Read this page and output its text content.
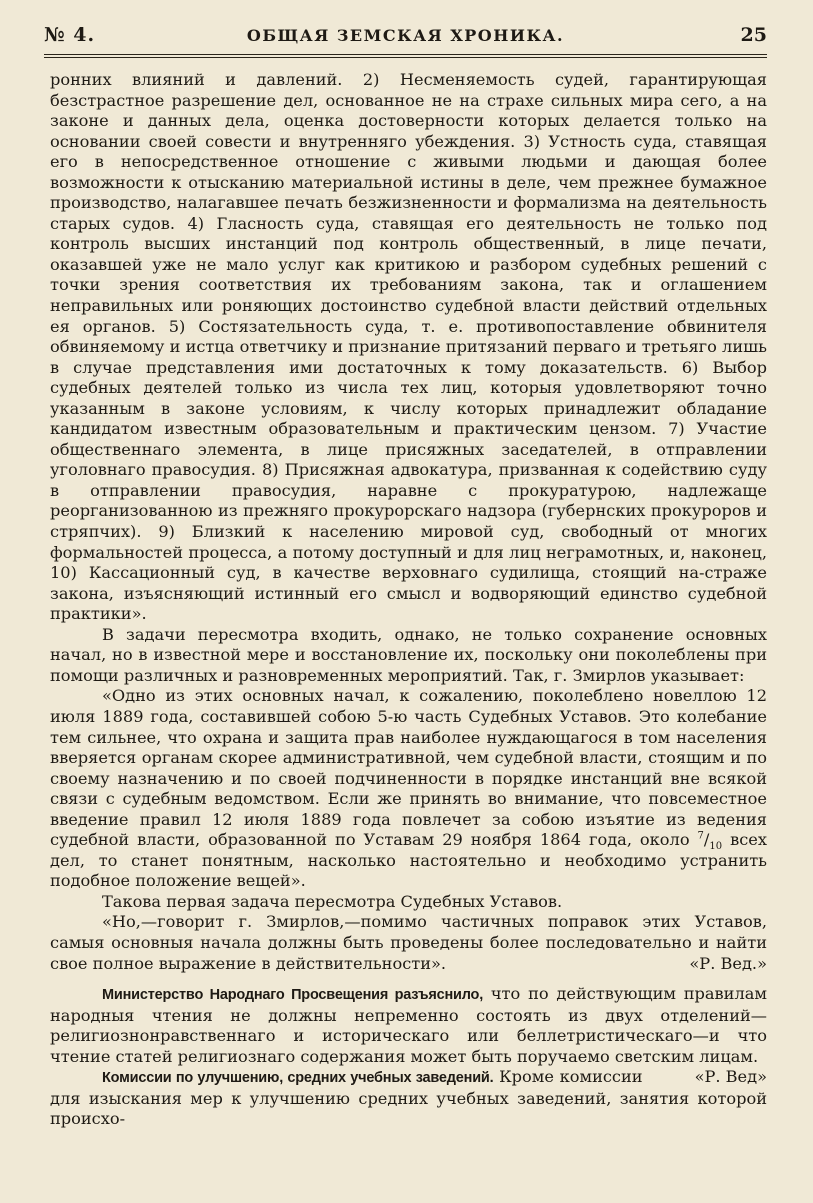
№ 4.	ОБЩАЯ ЗЕМСКАЯ ХРОНИКА.	25

ронних влияний и давлений. 2) Несменяемость судей, гарантирующая безстрастное разрешение дел, основанное не на страхе сильных мира сего, а на законе и данных дела, оценка достоверности которых делается только на основании своей совести и внутренняго убеждения. 3) Устность суда, ставящая его в непосредственное отношение с живыми людьми и дающая более возможности к отысканию материальной истины в деле, чем прежнее бумажное производство, налагавшее печать безжизненности и формализма на деятельность старых судов. 4) Гласность суда, ставящая его деятельность не только под контроль высших инстанций под контроль общественный, в лице печати, оказавшей уже не мало услуг как критикою и разбором судебных решений с точки зрения соответствия их требованиям закона, так и оглашением неправильных или роняющих достоинство судебной власти действий отдельных ея органов. 5) Состязательность суда, т. е. противопоставление обвинителя обвиняемому и истца ответчику и признание притязаний перваго и третьяго лишь в случае представления ими достаточных к тому доказательств. 6) Выбор судебных деятелей только из числа тех лиц, которыя удовлетворяют точно указанным в законе условиям, к числу которых принадлежит обладание кандидатом известным образовательным и практическим цензом. 7) Участие общественнаго элемента, в лице присяжных заседателей, в отправлении уголовнаго правосудия. 8) Присяжная адвокатура, призванная к содействию суду в отправлении правосудия, наравне с прокуратурою, надлежаще реорганизованною из прежняго прокурорскаго надзора (губернских прокуроров и стряпчих). 9) Близкий к населению мировой суд, свободный от многих формальностей процесса, а потому доступный и для лиц неграмотных, и, наконец, 10) Кассационный суд, в качестве верховнаго судилища, стоящий на-страже закона, изъясняющий истинный его смысл и водворяющий единство судебной практики».

В задачи пересмотра входить, однако, не только сохранение основных начал, но в известной мере и восстановление их, поскольку они поколеблены при помощи различных и разновременных мероприятий. Так, г. Змирлов указывает:

«Одно из этих основных начал, к сожалению, поколеблено новеллою 12 июля 1889 года, составившей собою 5-ю часть Судебных Уставов. Это колебание тем сильнее, что охрана и защита прав наиболее нуждающагося в том населения вверяется органам скорее административной, чем судебной власти, стоящим и по своему назначению и по своей подчиненности в порядке инстанций вне всякой связи с судебным ведомством. Если же принять во внимание, что повсеместное введение правил 12 июля 1889 года повлечет за собою изъятие из ведения судебной власти, образованной по Уставам 29 ноября 1864 года, около $^7/_{10}$ всех дел, то станет понятным, насколько настоятельно и необходимо устранить подобное положение вещей».

Такова первая задача пересмотра Судебных Уставов.

«Но,—говорит г. Змирлов,—помимо частичных поправок этих Уставов, самыя основныя начала должны быть проведены более последовательно и найти свое полное выражение в действительности».	«Р. Вед.»

Министерство Народнаго Просвещения разъяснило, что по действующим правилам народныя чтения не должны непременно состоять из двух отделений—религиознонравственнаго и историческаго или беллетристическаго—и что чтение статей религиознаго содержания может быть поручаемо светским лицам.
«Р. Вед»

Комиссии по улучшению, средних учебных заведений. Кроме комиссии для изыскания мер к улучшению средних учебных заведений, занятия которой происхо-
